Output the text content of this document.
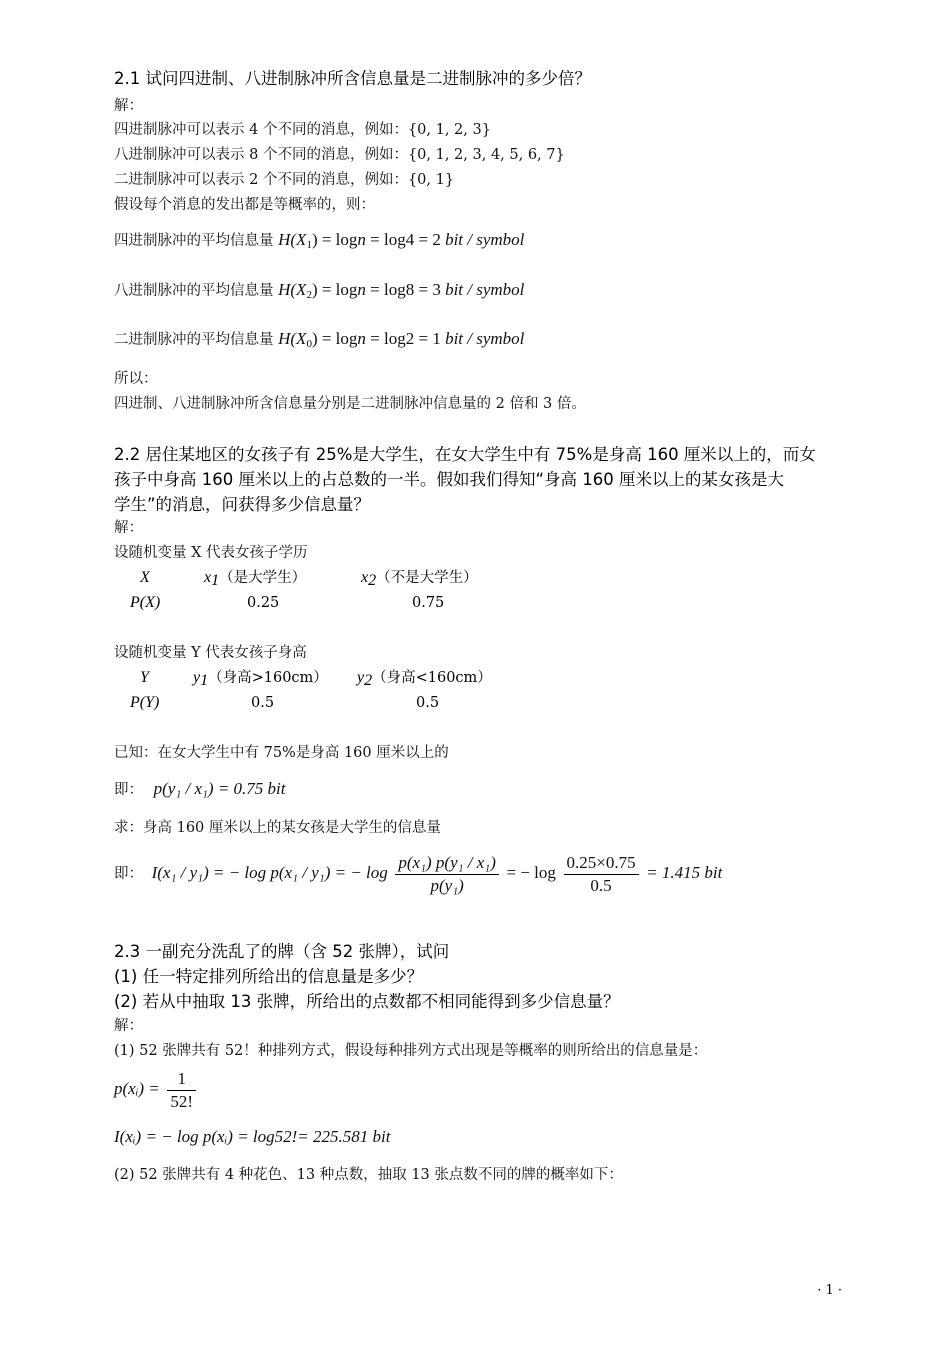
2.1 试问四进制、八进制脉冲所含信息量是二进制脉冲的多少倍？
解：
四进制脉冲可以表示 4 个不同的消息，例如：{0, 1, 2, 3}
八进制脉冲可以表示 8 个不同的消息，例如：{0, 1, 2, 3, 4, 5, 6, 7}
二进制脉冲可以表示 2 个不同的消息，例如：{0, 1}
假设每个消息的发出都是等概率的，则：
四进制脉冲的平均信息量 $H(X_1) = \log n = \log 4 = 2$ bit / symbol
八进制脉冲的平均信息量 $H(X_2) = \log n = \log 8 = 3$ bit / symbol
二进制脉冲的平均信息量 $H(X_0) = \log n = \log 2 = 1$ bit / symbol
所以：
四进制、八进制脉冲所含信息量分别是二进制脉冲信息量的 2 倍和 3 倍。
2.2 居住某地区的女孩子有 25%是大学生，在女大学生中有 75%是身高 160 厘米以上的，而女
孩子中身高 160 厘米以上的占总数的一半。假如我们得知“身高 160 厘米以上的某女孩是大
学生”的消息，问获得多少信息量？
解：
设随机变量 X 代表女孩子学历
X	x1（是大学生）	x2（不是大学生）
P(X)	0.25	0.75
设随机变量 Y 代表女孩子身高
Y	y1（身高>160cm） y2（身高<160cm）
P(Y)	0.5	0.5
已知：在女大学生中有 75%是身高 160 厘米以上的
即： p(y₁ / x₁) = 0.75 bit
求：身高 160 厘米以上的某女孩是大学生的信息量
即： I(x₁ / y₁) = − log p(x₁ / y₁) = − $\log \frac{\text{p(x₁) p(y₁ / x₁)}}{\text{p(y₁)}}$ = − $\log \frac{0.25\times 0.75}{0.5} = 1.415$ bit
2.3 一副充分洗乱了的牌（含 52 张牌），试问
(1) 任一特定排列所给出的信息量是多少？
(2) 若从中抽取 13 张牌，所给出的点数都不相同能得到多少信息量？
解：
(1) 52 张牌共有 52！种排列方式，假设每种排列方式出现是等概率的则所给出的信息量是：
p(xᵢ) = $\frac{1}{52!}$
I(xᵢ) = − log p(xᵢ) = log52!= 225.581 bit
(2) 52 张牌共有 4 种花色、13 种点数，抽取 13 张点数不同的牌的概率如下：
· 1 ·
